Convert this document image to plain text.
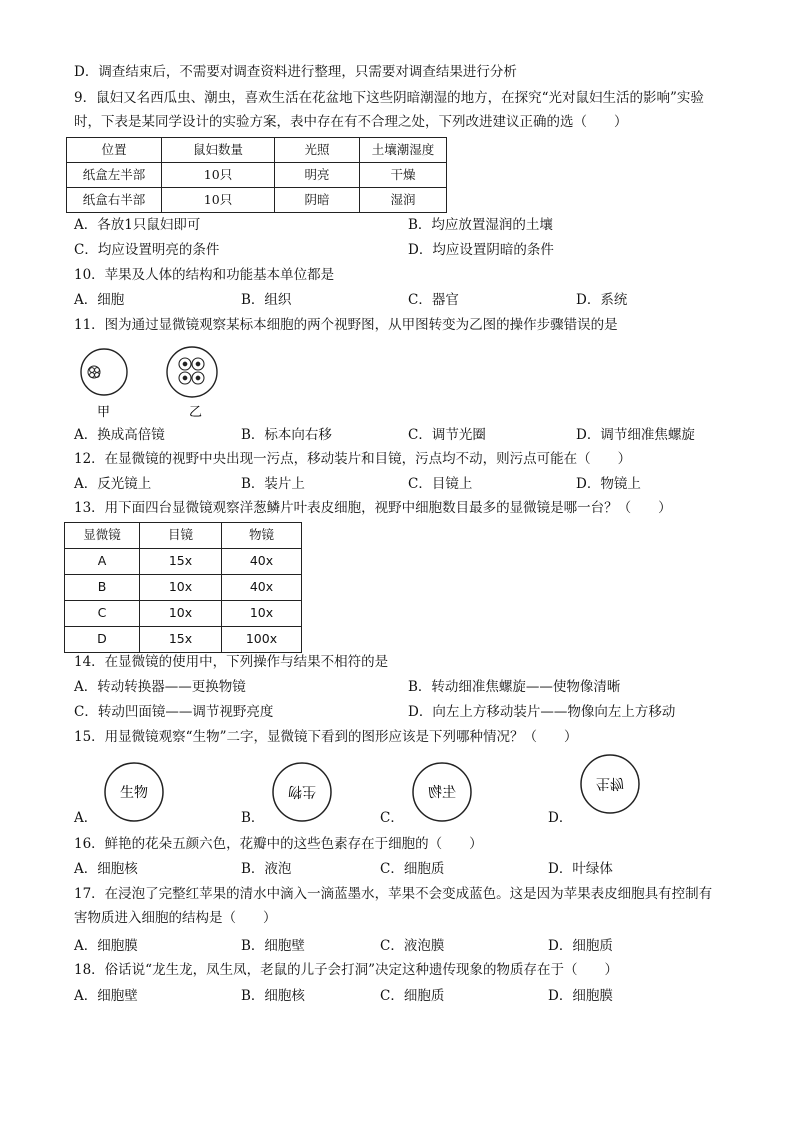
D．调查结束后，不需要对调查资料进行整理，只需要对调查结果进行分析
9．鼠妇又名西瓜虫、潮虫，喜欢生活在花盆地下这些阴暗潮湿的地方，在探究“光对鼠妇生活的影响”实验时，下表是某同学设计的实验方案，表中存在有不合理之处，下列改进建议正确的选（　　）
位置	鼠妇数量	光照	土壤潮湿度
纸盒左半部	10只	明亮	干燥
纸盒右半部	10只	阴暗	湿润
A．各放1只鼠妇即可	B．均应放置湿润的土壤
C．均应设置明亮的条件	D．均应设置阴暗的条件
10．苹果及人体的结构和功能基本单位都是
A．细胞	B．组织	C．器官	D．系统
11．图为通过显微镜观察某标本细胞的两个视野图，从甲图转变为乙图的操作步骤错误的是
甲	乙
A．换成高倍镜	B．标本向右移	C．调节光圈	D．调节细准焦螺旋
12．在显微镜的视野中央出现一污点，移动装片和目镜，污点均不动，则污点可能在（　　）
A．反光镜上	B．装片上	C．目镜上	D．物镜上
13．用下面四台显微镜观察洋葱鳞片叶表皮细胞，视野中细胞数目最多的显微镜是哪一台？（　　）
显微镜	目镜	物镜
A	15x	40x
B	10x	40x
C	10x	10x
D	15x	100x
14．在显微镜的使用中，下列操作与结果不相符的是
A．转动转换器——更换物镜	B．转动细准焦螺旋——使物像清晰
C．转动凹面镜——调节视野亮度	D．向左上方移动装片——物像向左上方移动
15．用显微镜观察“生物”二字，显微镜下看到的图形应该是下列哪种情况？（　　）
A．	B．	C．	D．
生物	生物	生物
生物
16．鲜艳的花朵五颜六色，花瓣中的这些色素存在于细胞的（　　）
A．细胞核	B．液泡	C．细胞质	D．叶绿体
17．在浸泡了完整红苹果的清水中滴入一滴蓝墨水，苹果不会变成蓝色。这是因为苹果表皮细胞具有控制有害物质进入细胞的结构是（　　）
A．细胞膜	B．细胞壁	C．液泡膜	D．细胞质
18．俗话说“龙生龙，凤生凤，老鼠的儿子会打洞”决定这种遗传现象的物质存在于（　　）
A．细胞壁	B．细胞核	C．细胞质	D．细胞膜
